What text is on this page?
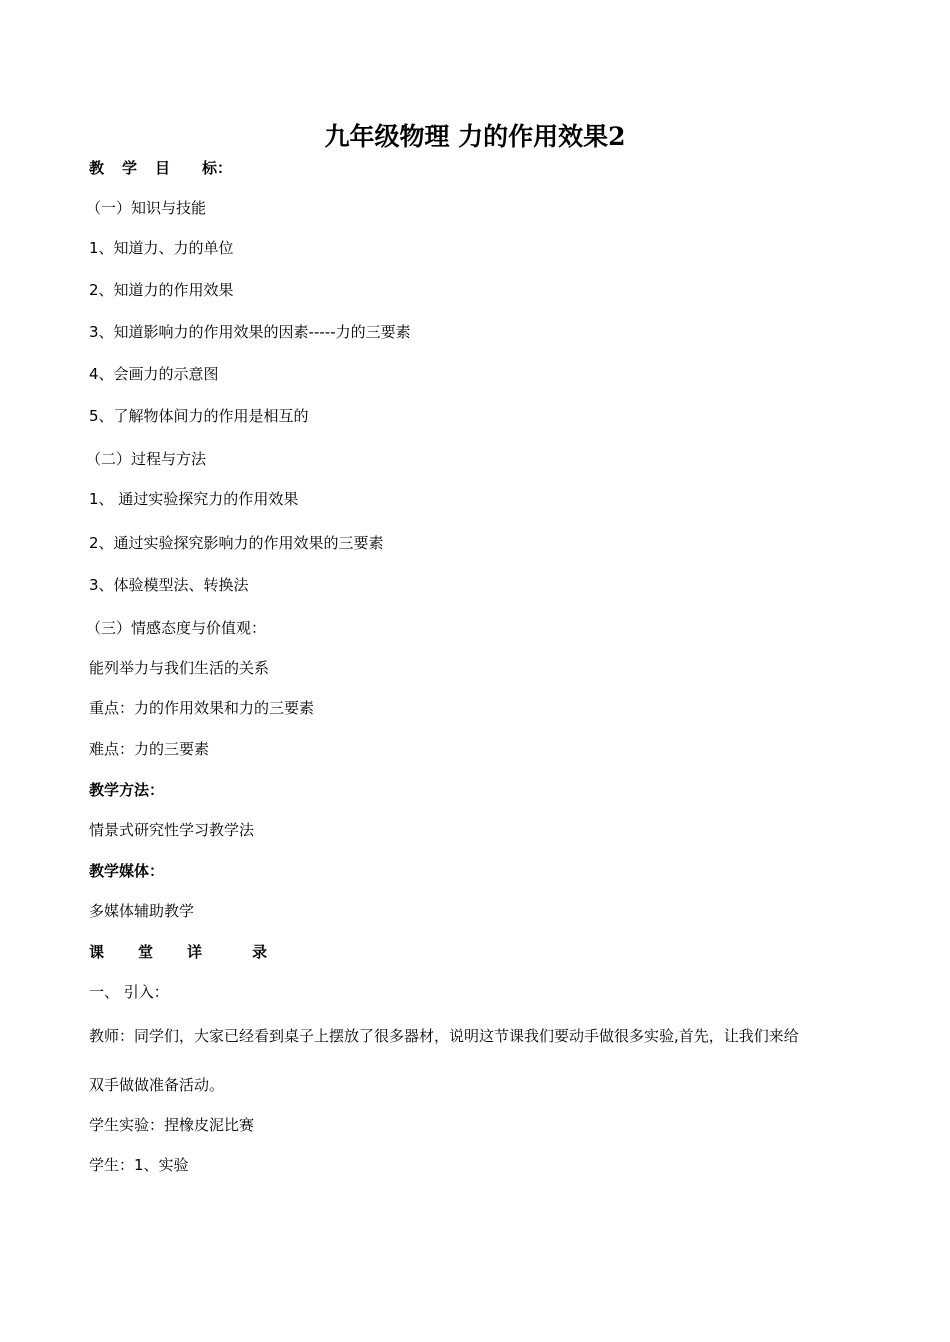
九年级物理 力的作用效果2
教 学 目 标：
（一）知识与技能
1、知道力、力的单位
2、知道力的作用效果
3、知道影响力的作用效果的因素-----力的三要素
4、会画力的示意图
5、了解物体间力的作用是相互的
（二）过程与方法
1、 通过实验探究力的作用效果
2、通过实验探究影响力的作用效果的三要素
3、体验模型法、转换法
（三）情感态度与价值观：
能列举力与我们生活的关系
重点：力的作用效果和力的三要素
难点：力的三要素
教学方法：
情景式研究性学习教学法
教学媒体：
多媒体辅助教学
课 堂 详	录
一、 引入：
教师：同学们，大家已经看到桌子上摆放了很多器材，说明这节课我们要动手做很多实验,首先，让我们来给
双手做做准备活动。
学生实验：捏橡皮泥比赛
学生：1、实验
